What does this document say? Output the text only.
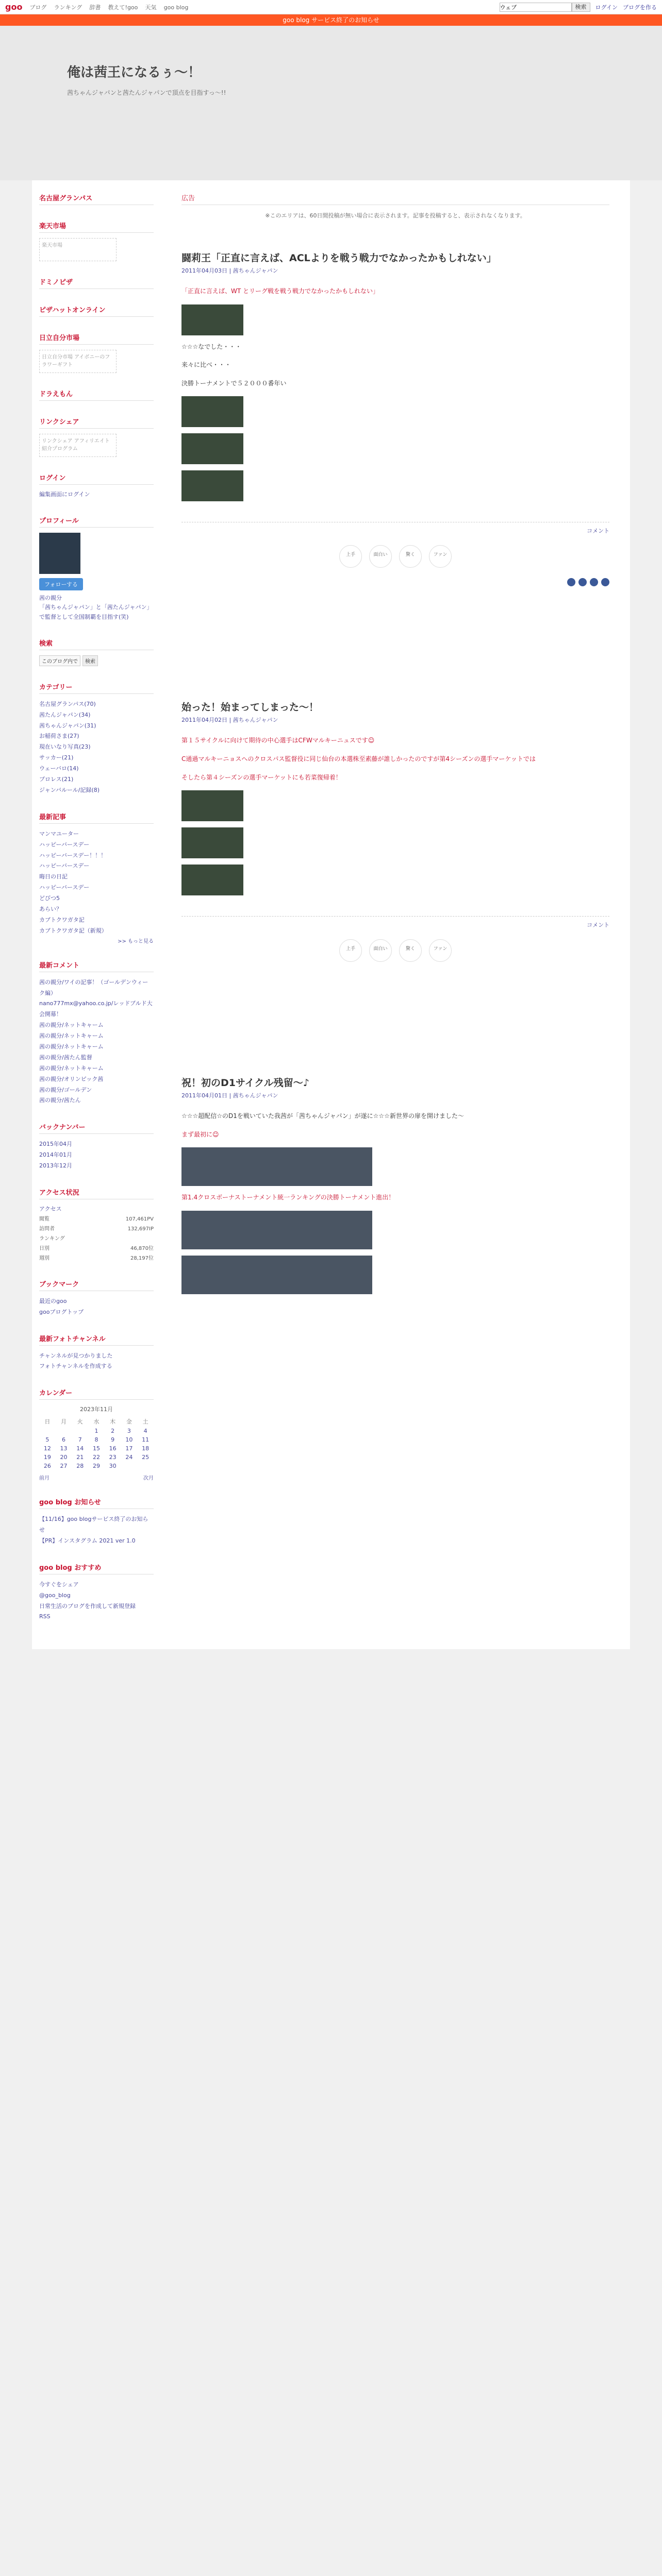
goo ブログ ランキング 辞書 教えて!goo 天気 goo blog
ウェブ	検索	ログイン ブログを作る
goo blog サービス終了のお知らせ
俺は茜王になるぅ〜！
茜ちゃんジャパンと茜たんジャパンで頂点を目指すっ〜!!
名古屋グランパス
楽天市場
楽天市場
ドミノピザ
ピザハットオンライン
日立自分市場
日立自分市場 アイボニーのフラワーギフト
ドラえもん
リンクシェア
リンクシェア アフィリエイト紹介プログラム
ログイン
編集画面にログイン
プロフィール
フォローする
茜の親分
「茜ちゃんジャパン」と「茜たんジャパン」で監督として全国制覇を目指す(笑)
検索
このブログ内で	検索
カテゴリー
名古屋グランパス(70)
茜たんジャパン(34)
茜ちゃんジャパン(31)
お稲荷さま(27)
現在いなり写真(23)
サッカー(21)
ウェーバロ(14)
プロレス(21)
ジャンバルール/記録(8)
最新記事
マンマユーター
ハッピーバースデー
ハッピーバースデー！！！
ハッピーバースデー
晦日の日記
ハッピーバースデー
どびつ5
あらい？
カブトクワガタ記
カブトクワガタ記（新規）
>> もっと見る
最新コメント
茜の親分/ワイの記事！（ゴールデンウィーク編）
nano777mx@yahoo.co.jp/レッドブルド大会開幕！
茜の親分/ネットキャーム
茜の親分/ネットキャーム
茜の親分/ネットキャーム
茜の親分/茜たん監督
茜の親分/ネットキャーム
茜の親分/オリンピック茜
茜の親分/ゴールデン
茜の親分/茜たん
バックナンバー
2015年04月
2014年01月
2013年12月
アクセス状況
アクセス
閲覧	107,461PV
訪問者	132,697IP
ランキング
日別	46,870位
週別	28,197位
ブックマーク
最近のgoo
gooブログトップ
最新フォトチャンネル
チャンネルが見つかりました
フォトチャンネルを作成する
カレンダー
2023年11月
日	月	火	水	木	金	土
			1	2	3	4
5	6	7	8	9	10	11
12	13	14	15	16	17	18
19	20	21	22	23	24	25
26	27	28	29	30		
前月	次月
goo blog お知らせ
【11/16】goo blogサービス終了のお知らせ
【PR】インスタグラム 2021 ver 1.0
goo blog おすすめ
今すぐをシェア
@goo_blog
日常生活のブログを作成して新規登録
RSS
広告
※このエリアは、60日間投稿が無い場合に表示されます。記事を投稿すると、表示されなくなります。
闘莉王「正直に言えば、ACLよりを戦う戦力でなかったかもしれない」
2011年04月03日 | 茜ちゃんジャパン

「正直に言えば、WT とリーグ戦を戦う戦力でなかったかもしれない」

☆☆☆なでした・・・

来々に比べ・・・

決勝トーナメントで５２０００番年い

コメント
上手	面白い	驚く	ファン
始った！始まってしまった〜！
2011年04月02日 | 茜ちゃんジャパン

第１５サイクルに向けて期待の中心選手はCFWマルキーニュスです☺

C通過マルキーニョスへのクロスパス監督役に同じ仙台の本選株至素藤が誰しかったのですが第4シーズンの選手マーケットでは

そしたら第４シーズンの選手マーケットにも若菜復帰着！

コメント
上手	面白い	驚く	ファン
祝！初のD1サイクル残留〜♪
2011年04月01日 | 茜ちゃんジャパン

☆☆☆超配信☆のD1を戦いていた我茜が「茜ちゃんジャパン」が遂に☆☆☆新世界の扉を開けました〜

まず最初に☺

第1.4クロスボーナストーナメント統一ランキングの決勝トーナメント進出！
